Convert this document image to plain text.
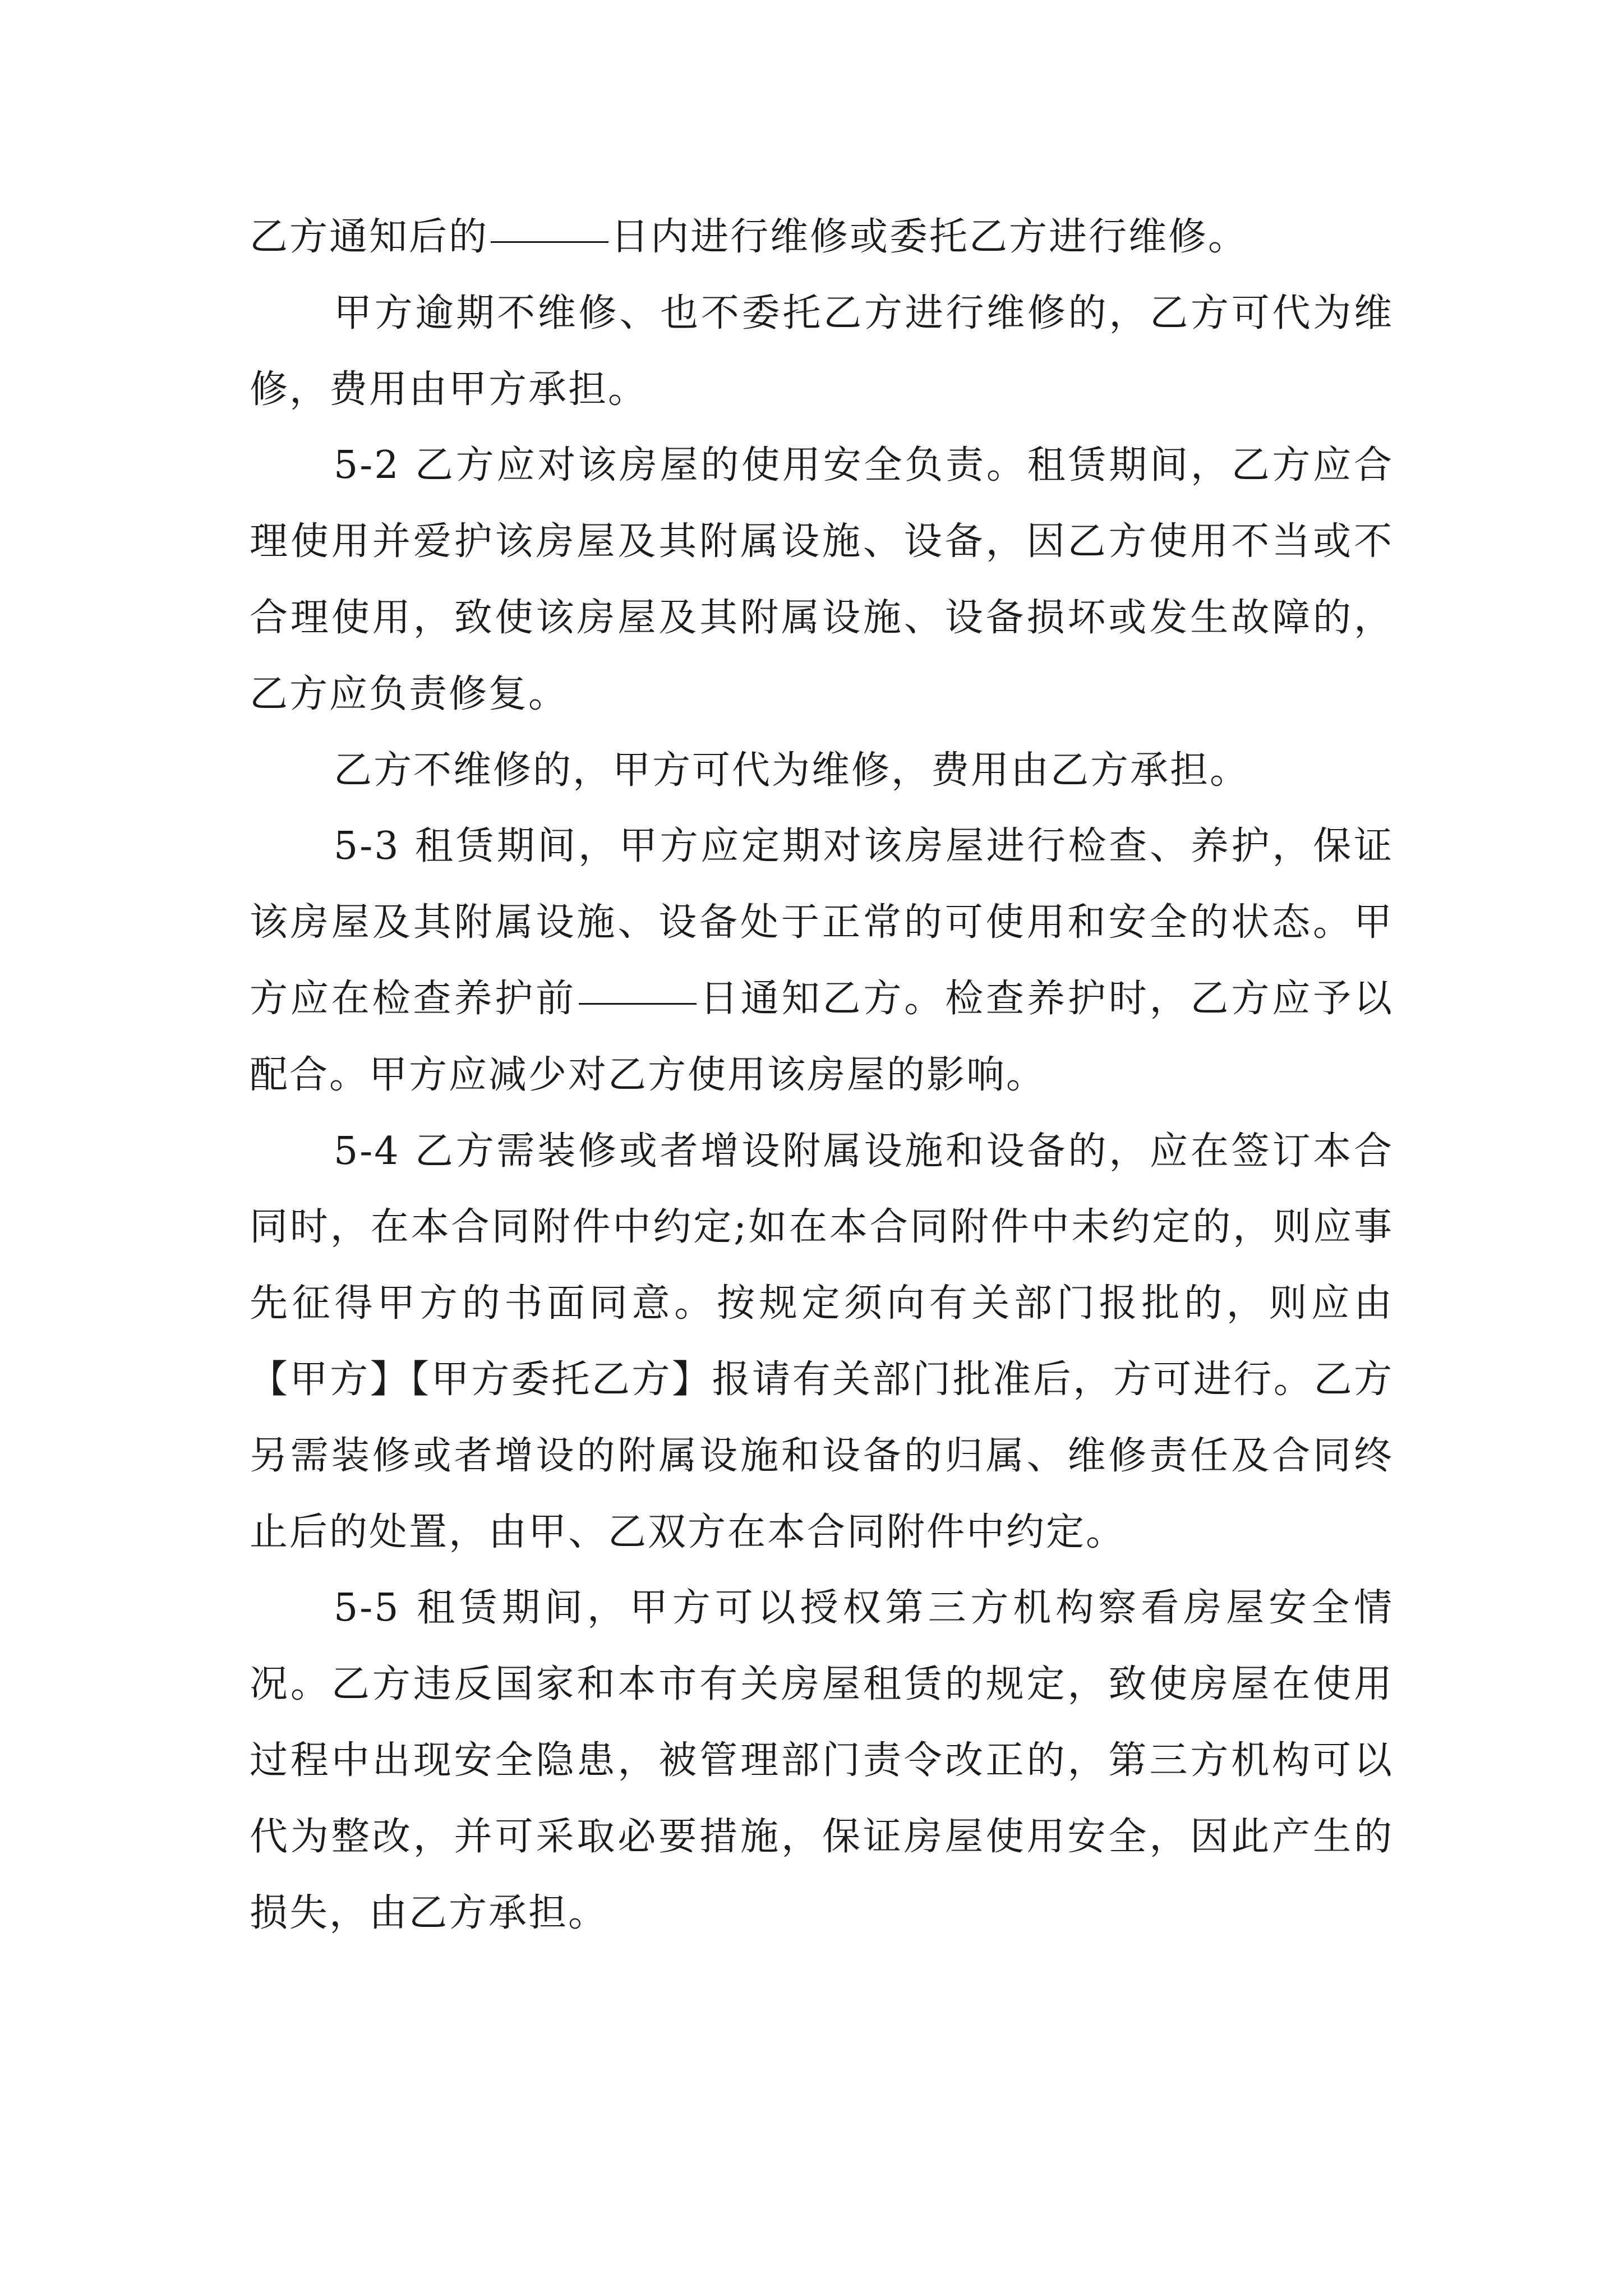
乙方通知后的	日内进行维修或委托乙方进行维修。

甲方逾期不维修、也不委托乙方进行维修的，乙方可代为维修，费用由甲方承担。

5-2 乙方应对该房屋的使用安全负责。租赁期间，乙方应合理使用并爱护该房屋及其附属设施、设备，因乙方使用不当或不合理使用，致使该房屋及其附属设施、设备损坏或发生故障的，乙方应负责修复。

乙方不维修的，甲方可代为维修，费用由乙方承担。

5-3 租赁期间，甲方应定期对该房屋进行检查、养护，保证该房屋及其附属设施、设备处于正常的可使用和安全的状态。甲方应在检查养护前	日通知乙方。检查养护时，乙方应予以配合。甲方应减少对乙方使用该房屋的影响。

5-4 乙方需装修或者增设附属设施和设备的，应在签订本合同时，在本合同附件中约定;如在本合同附件中未约定的，则应事先征得甲方的书面同意。按规定须向有关部门报批的，则应由【甲方】【甲方委托乙方】报请有关部门批准后，方可进行。乙方另需装修或者增设的附属设施和设备的归属、维修责任及合同终止后的处置，由甲、乙双方在本合同附件中约定。

5-5 租赁期间，甲方可以授权第三方机构察看房屋安全情况。乙方违反国家和本市有关房屋租赁的规定，致使房屋在使用过程中出现安全隐患，被管理部门责令改正的，第三方机构可以代为整改，并可采取必要措施，保证房屋使用安全，因此产生的损失，由乙方承担。
